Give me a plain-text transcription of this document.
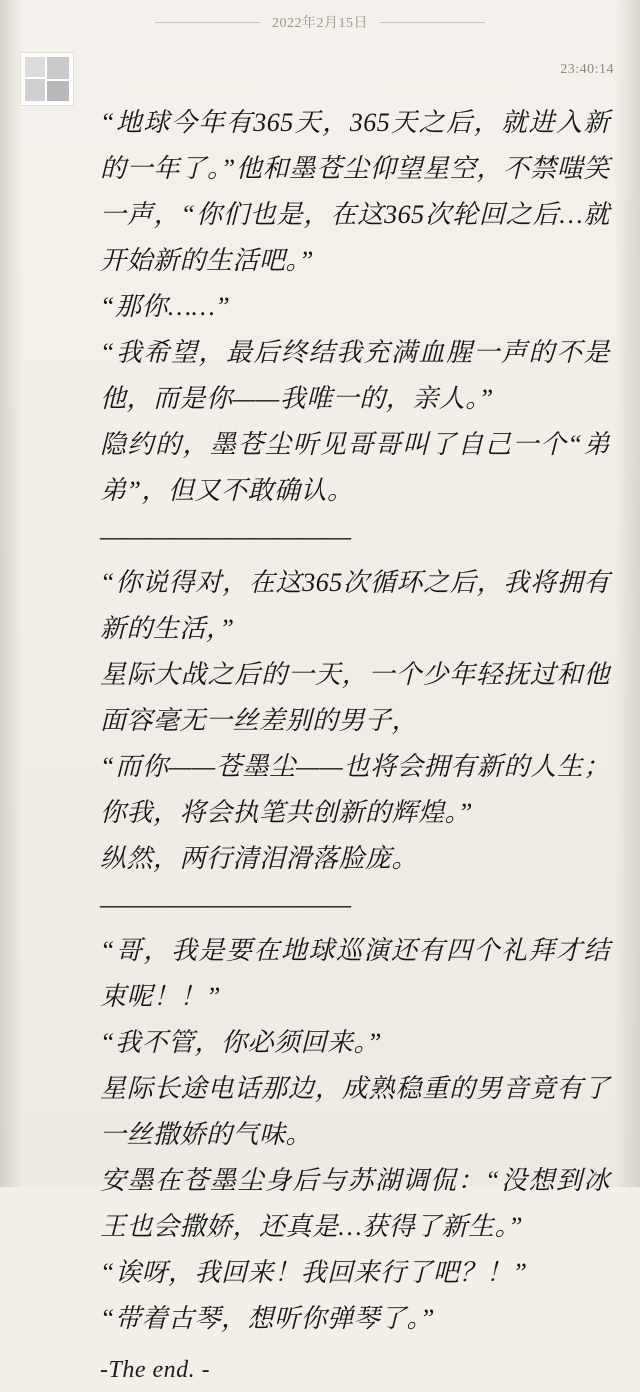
2022年2月15日
23:40:14

“地球今年有365天，365天之后，就进入新的一年了。”他和墨苍尘仰望星空，不禁嗤笑一声，“你们也是，在这365次轮回之后…就开始新的生活吧。”

“那你……”

“我希望，最后终结我充满血腥一声的不是他，而是你——我唯一的，亲人。”

隐约的，墨苍尘听见哥哥叫了自己一个“弟弟”，但又不敢确认。

——————————

“你说得对，在这365次循环之后，我将拥有新的生活，”

星际大战之后的一天，一个少年轻抚过和他面容毫无一丝差别的男子，

“而你——苍墨尘——也将会拥有新的人生；你我，将会执笔共创新的辉煌。”

纵然，两行清泪滑落脸庞。

——————————

“哥，我是要在地球巡演还有四个礼拜才结束呢！！”

“我不管，你必须回来。”

星际长途电话那边，成熟稳重的男音竟有了一丝撒娇的气味。

安墨在苍墨尘身后与苏湖调侃：“没想到冰王也会撒娇，还真是…获得了新生。”

“诶呀，我回来！我回来行了吧？！”

“带着古琴，想听你弹琴了。”

-The end. -
